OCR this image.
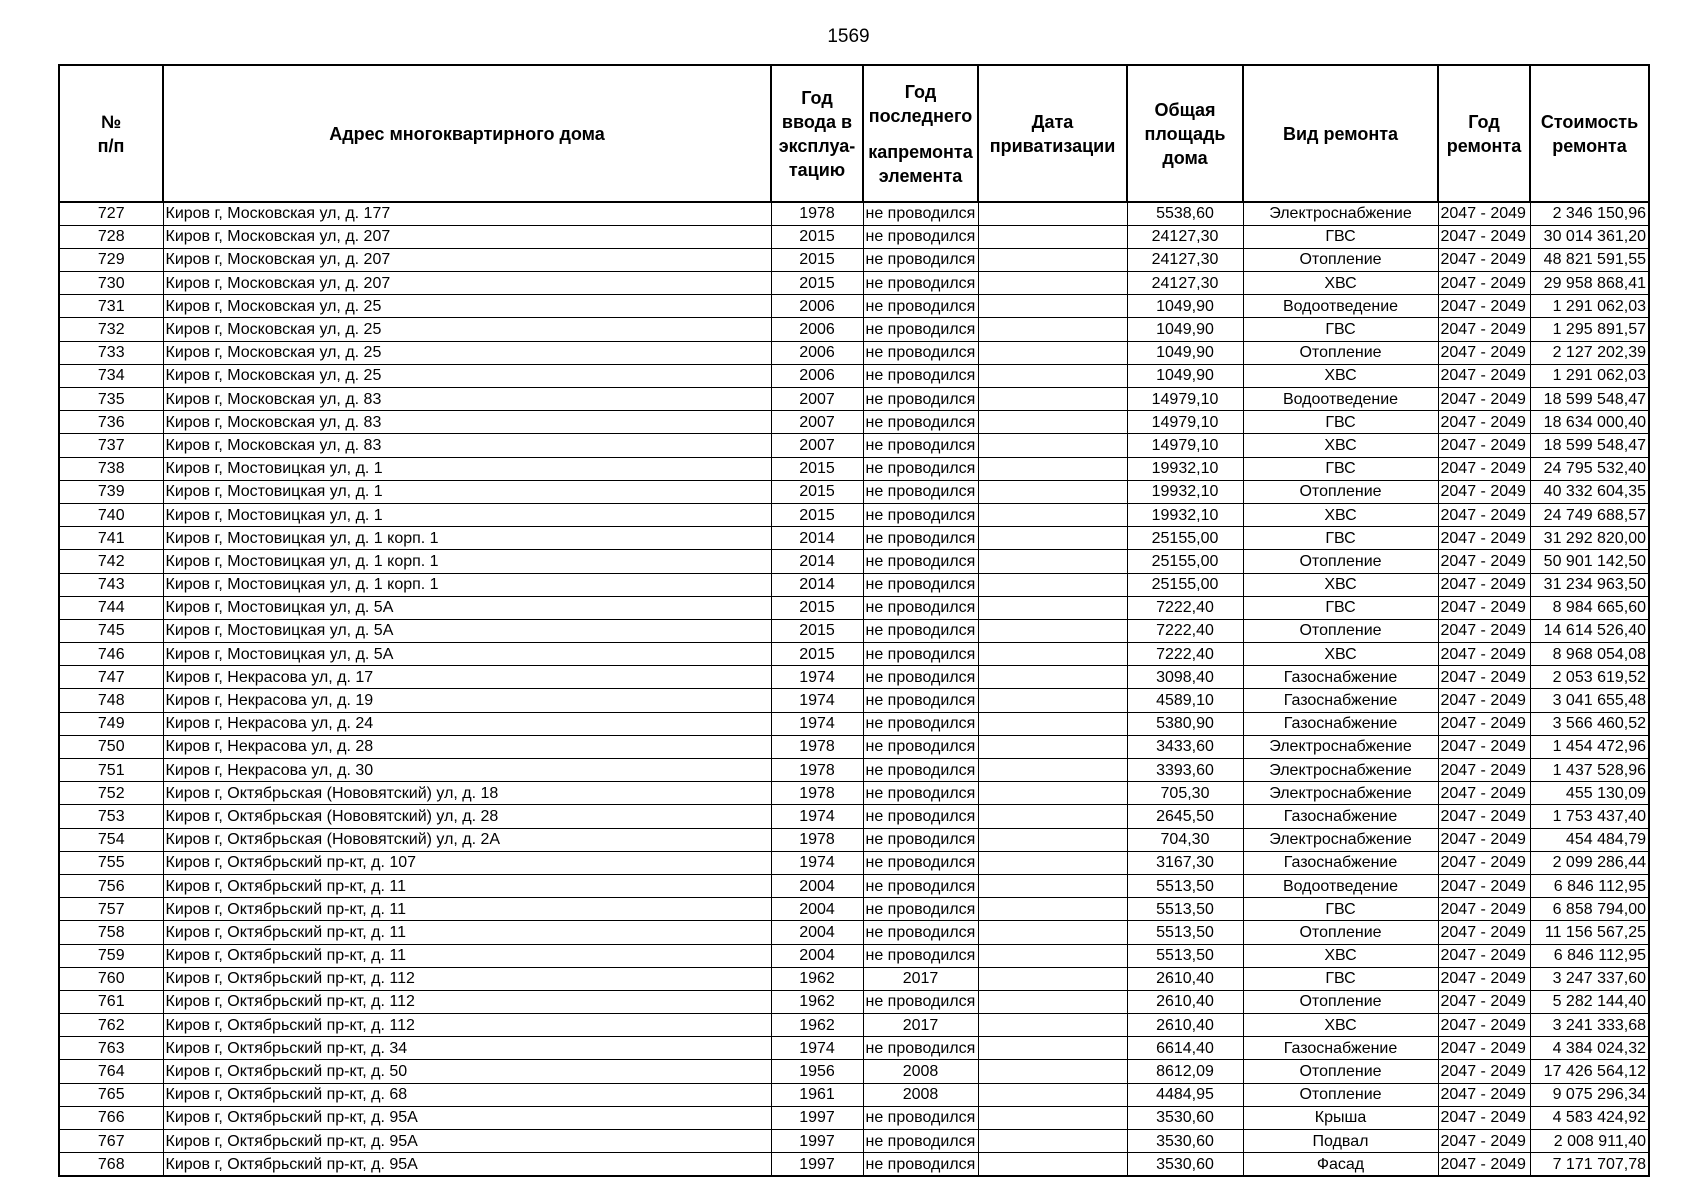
1569
№
п/п	Адрес многоквартирного дома	Год
ввода в
эксплуа-
тацию	Год
последнего
капремонта
элемента	Дата
приватизации	Общая
площадь
дома	Вид ремонта	Год
ремонта	Стоимость
ремонта
727	Киров г, Московская ул, д. 177	1978	не проводился		5538,60	Электроснабжение	2047 - 2049	2 346 150,96
728	Киров г, Московская ул, д. 207	2015	не проводился		24127,30	ГВС	2047 - 2049	30 014 361,20
729	Киров г, Московская ул, д. 207	2015	не проводился		24127,30	Отопление	2047 - 2049	48 821 591,55
730	Киров г, Московская ул, д. 207	2015	не проводился		24127,30	ХВС	2047 - 2049	29 958 868,41
731	Киров г, Московская ул, д. 25	2006	не проводился		1049,90	Водоотведение	2047 - 2049	1 291 062,03
732	Киров г, Московская ул, д. 25	2006	не проводился		1049,90	ГВС	2047 - 2049	1 295 891,57
733	Киров г, Московская ул, д. 25	2006	не проводился		1049,90	Отопление	2047 - 2049	2 127 202,39
734	Киров г, Московская ул, д. 25	2006	не проводился		1049,90	ХВС	2047 - 2049	1 291 062,03
735	Киров г, Московская ул, д. 83	2007	не проводился		14979,10	Водоотведение	2047 - 2049	18 599 548,47
736	Киров г, Московская ул, д. 83	2007	не проводился		14979,10	ГВС	2047 - 2049	18 634 000,40
737	Киров г, Московская ул, д. 83	2007	не проводился		14979,10	ХВС	2047 - 2049	18 599 548,47
738	Киров г, Мостовицкая ул, д. 1	2015	не проводился		19932,10	ГВС	2047 - 2049	24 795 532,40
739	Киров г, Мостовицкая ул, д. 1	2015	не проводился		19932,10	Отопление	2047 - 2049	40 332 604,35
740	Киров г, Мостовицкая ул, д. 1	2015	не проводился		19932,10	ХВС	2047 - 2049	24 749 688,57
741	Киров г, Мостовицкая ул, д. 1 корп. 1	2014	не проводился		25155,00	ГВС	2047 - 2049	31 292 820,00
742	Киров г, Мостовицкая ул, д. 1 корп. 1	2014	не проводился		25155,00	Отопление	2047 - 2049	50 901 142,50
743	Киров г, Мостовицкая ул, д. 1 корп. 1	2014	не проводился		25155,00	ХВС	2047 - 2049	31 234 963,50
744	Киров г, Мостовицкая ул, д. 5А	2015	не проводился		7222,40	ГВС	2047 - 2049	8 984 665,60
745	Киров г, Мостовицкая ул, д. 5А	2015	не проводился		7222,40	Отопление	2047 - 2049	14 614 526,40
746	Киров г, Мостовицкая ул, д. 5А	2015	не проводился		7222,40	ХВС	2047 - 2049	8 968 054,08
747	Киров г, Некрасова ул, д. 17	1974	не проводился		3098,40	Газоснабжение	2047 - 2049	2 053 619,52
748	Киров г, Некрасова ул, д. 19	1974	не проводился		4589,10	Газоснабжение	2047 - 2049	3 041 655,48
749	Киров г, Некрасова ул, д. 24	1974	не проводился		5380,90	Газоснабжение	2047 - 2049	3 566 460,52
750	Киров г, Некрасова ул, д. 28	1978	не проводился		3433,60	Электроснабжение	2047 - 2049	1 454 472,96
751	Киров г, Некрасова ул, д. 30	1978	не проводился		3393,60	Электроснабжение	2047 - 2049	1 437 528,96
752	Киров г, Октябрьская (Нововятский) ул, д. 18	1978	не проводился		705,30	Электроснабжение	2047 - 2049	455 130,09
753	Киров г, Октябрьская (Нововятский) ул, д. 28	1974	не проводился		2645,50	Газоснабжение	2047 - 2049	1 753 437,40
754	Киров г, Октябрьская (Нововятский) ул, д. 2А	1978	не проводился		704,30	Электроснабжение	2047 - 2049	454 484,79
755	Киров г, Октябрьский пр-кт, д. 107	1974	не проводился		3167,30	Газоснабжение	2047 - 2049	2 099 286,44
756	Киров г, Октябрьский пр-кт, д. 11	2004	не проводился		5513,50	Водоотведение	2047 - 2049	6 846 112,95
757	Киров г, Октябрьский пр-кт, д. 11	2004	не проводился		5513,50	ГВС	2047 - 2049	6 858 794,00
758	Киров г, Октябрьский пр-кт, д. 11	2004	не проводился		5513,50	Отопление	2047 - 2049	11 156 567,25
759	Киров г, Октябрьский пр-кт, д. 11	2004	не проводился		5513,50	ХВС	2047 - 2049	6 846 112,95
760	Киров г, Октябрьский пр-кт, д. 112	1962	2017		2610,40	ГВС	2047 - 2049	3 247 337,60
761	Киров г, Октябрьский пр-кт, д. 112	1962	не проводился		2610,40	Отопление	2047 - 2049	5 282 144,40
762	Киров г, Октябрьский пр-кт, д. 112	1962	2017		2610,40	ХВС	2047 - 2049	3 241 333,68
763	Киров г, Октябрьский пр-кт, д. 34	1974	не проводился		6614,40	Газоснабжение	2047 - 2049	4 384 024,32
764	Киров г, Октябрьский пр-кт, д. 50	1956	2008		8612,09	Отопление	2047 - 2049	17 426 564,12
765	Киров г, Октябрьский пр-кт, д. 68	1961	2008		4484,95	Отопление	2047 - 2049	9 075 296,34
766	Киров г, Октябрьский пр-кт, д. 95А	1997	не проводился		3530,60	Крыша	2047 - 2049	4 583 424,92
767	Киров г, Октябрьский пр-кт, д. 95А	1997	не проводился		3530,60	Подвал	2047 - 2049	2 008 911,40
768	Киров г, Октябрьский пр-кт, д. 95А	1997	не проводился		3530,60	Фасад	2047 - 2049	7 171 707,78
